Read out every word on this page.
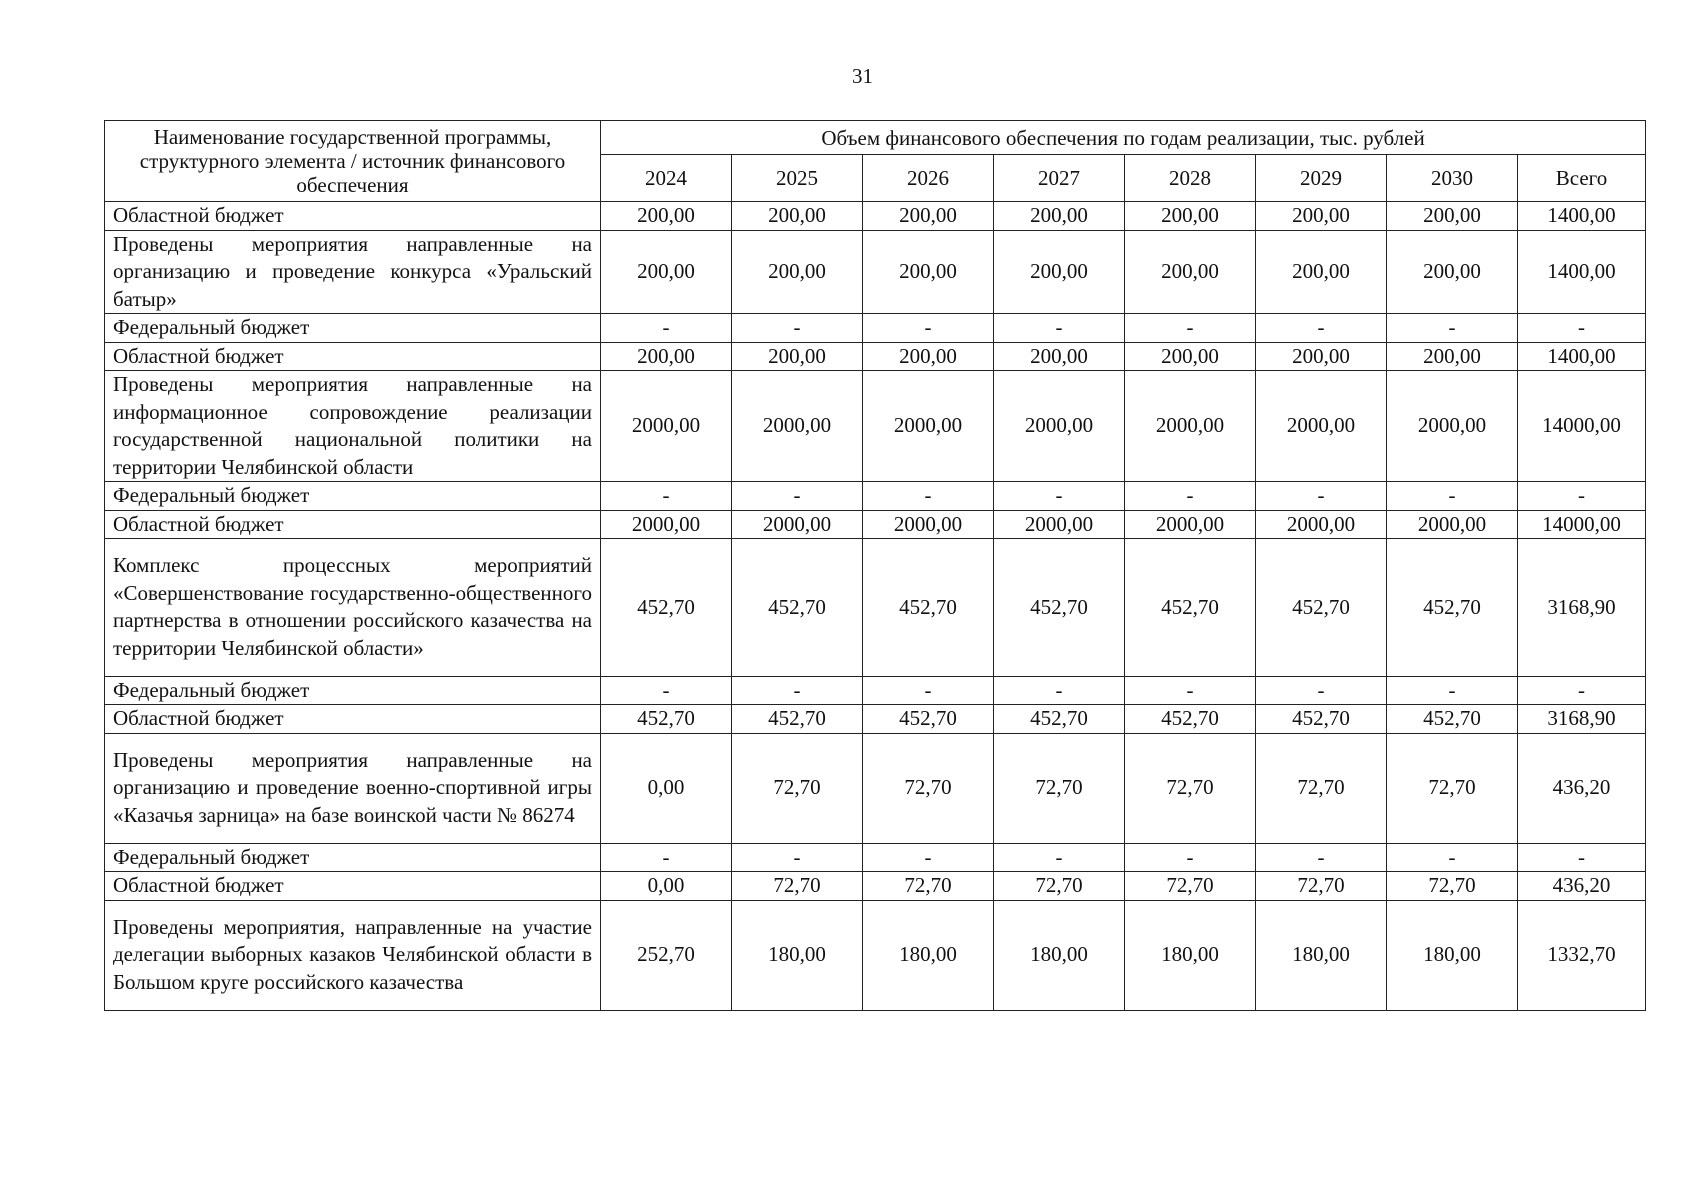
31
Наименование государственной программы, структурного элемента / источник финансового обеспечения	Объем финансового обеспечения по годам реализации, тыс. рублей							
	2024	2025	2026	2027	2028	2029	2030	Всего
Областной бюджет	200,00	200,00	200,00	200,00	200,00	200,00	200,00	1400,00
Проведены мероприятия направленные на организацию и проведение конкурса «Уральский батыр»	200,00	200,00	200,00	200,00	200,00	200,00	200,00	1400,00
Федеральный бюджет	-	-	-	-	-	-	-	-
Областной бюджет	200,00	200,00	200,00	200,00	200,00	200,00	200,00	1400,00
Проведены мероприятия направленные на информационное сопровождение реализации государственной национальной политики на территории Челябинской области	2000,00	2000,00	2000,00	2000,00	2000,00	2000,00	2000,00	14000,00
Федеральный бюджет	-	-	-	-	-	-	-	-
Областной бюджет	2000,00	2000,00	2000,00	2000,00	2000,00	2000,00	2000,00	14000,00
Комплекс процессных мероприятий «Совершенствование государственно-общественного партнерства в отношении российского казачества на территории Челябинской области»	452,70	452,70	452,70	452,70	452,70	452,70	452,70	3168,90
Федеральный бюджет	-	-	-	-	-	-	-	-
Областной бюджет	452,70	452,70	452,70	452,70	452,70	452,70	452,70	3168,90
Проведены мероприятия направленные на организацию и проведение военно-спортивной игры «Казачья зарница» на базе воинской части № 86274	0,00	72,70	72,70	72,70	72,70	72,70	72,70	436,20
Федеральный бюджет	-	-	-	-	-	-	-	-
Областной бюджет	0,00	72,70	72,70	72,70	72,70	72,70	72,70	436,20
Проведены мероприятия, направленные на участие делегации выборных казаков Челябинской области в Большом круге российского казачества	252,70	180,00	180,00	180,00	180,00	180,00	180,00	1332,70
